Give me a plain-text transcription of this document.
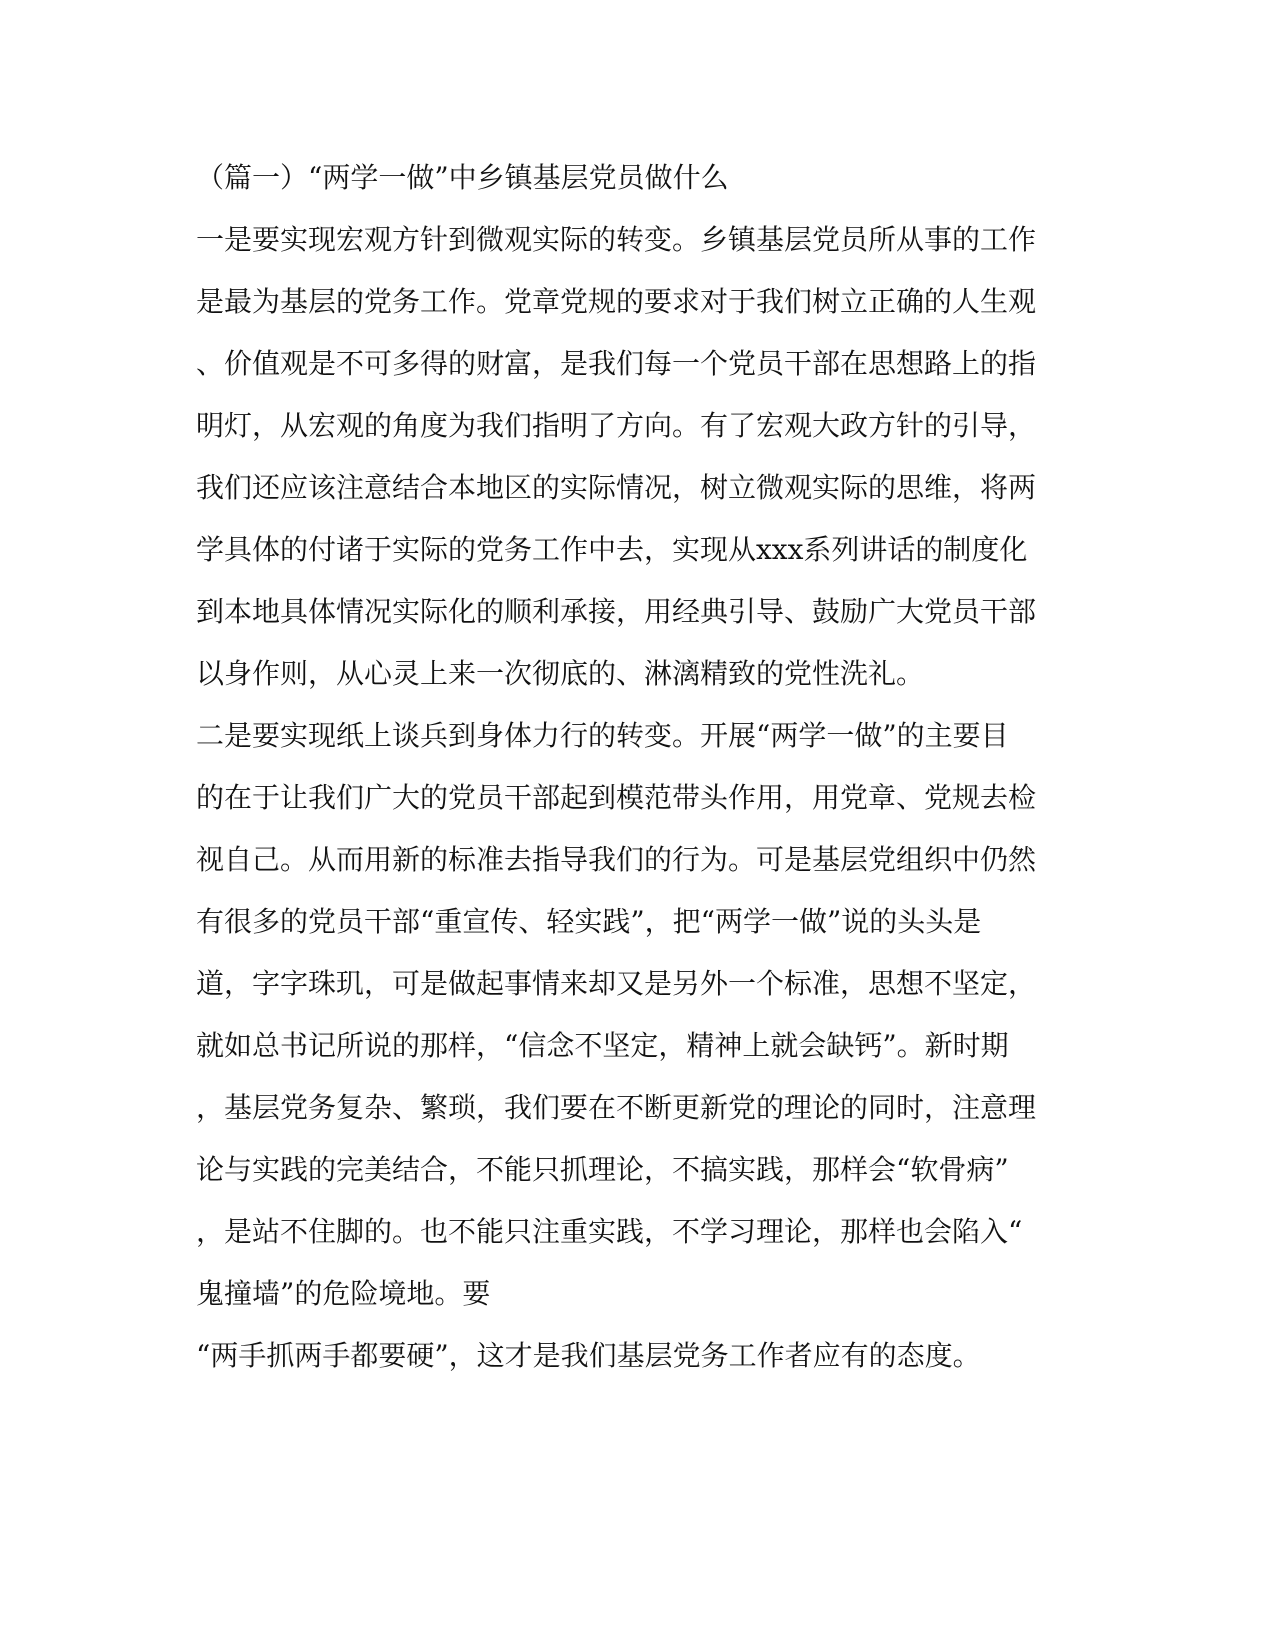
（篇一）“两学一做”中乡镇基层党员做什么
一是要实现宏观方针到微观实际的转变。乡镇基层党员所从事的工作
是最为基层的党务工作。党章党规的要求对于我们树立正确的人生观
、价值观是不可多得的财富，是我们每一个党员干部在思想路上的指
明灯，从宏观的角度为我们指明了方向。有了宏观大政方针的引导，
我们还应该注意结合本地区的实际情况，树立微观实际的思维，将两
学具体的付诸于实际的党务工作中去，实现从xxx系列讲话的制度化
到本地具体情况实际化的顺利承接，用经典引导、鼓励广大党员干部
以身作则，从心灵上来一次彻底的、淋漓精致的党性洗礼。
二是要实现纸上谈兵到身体力行的转变。开展“两学一做”的主要目
的在于让我们广大的党员干部起到模范带头作用，用党章、党规去检
视自己。从而用新的标准去指导我们的行为。可是基层党组织中仍然
有很多的党员干部“重宣传、轻实践”，把“两学一做”说的头头是
道，字字珠玑，可是做起事情来却又是另外一个标准，思想不坚定，
就如总书记所说的那样，“信念不坚定，精神上就会缺钙”。新时期
，基层党务复杂、繁琐，我们要在不断更新党的理论的同时，注意理
论与实践的完美结合，不能只抓理论，不搞实践，那样会“软骨病”
，是站不住脚的。也不能只注重实践，不学习理论，那样也会陷入“
鬼撞墙”的危险境地。要
“两手抓两手都要硬”，这才是我们基层党务工作者应有的态度。
